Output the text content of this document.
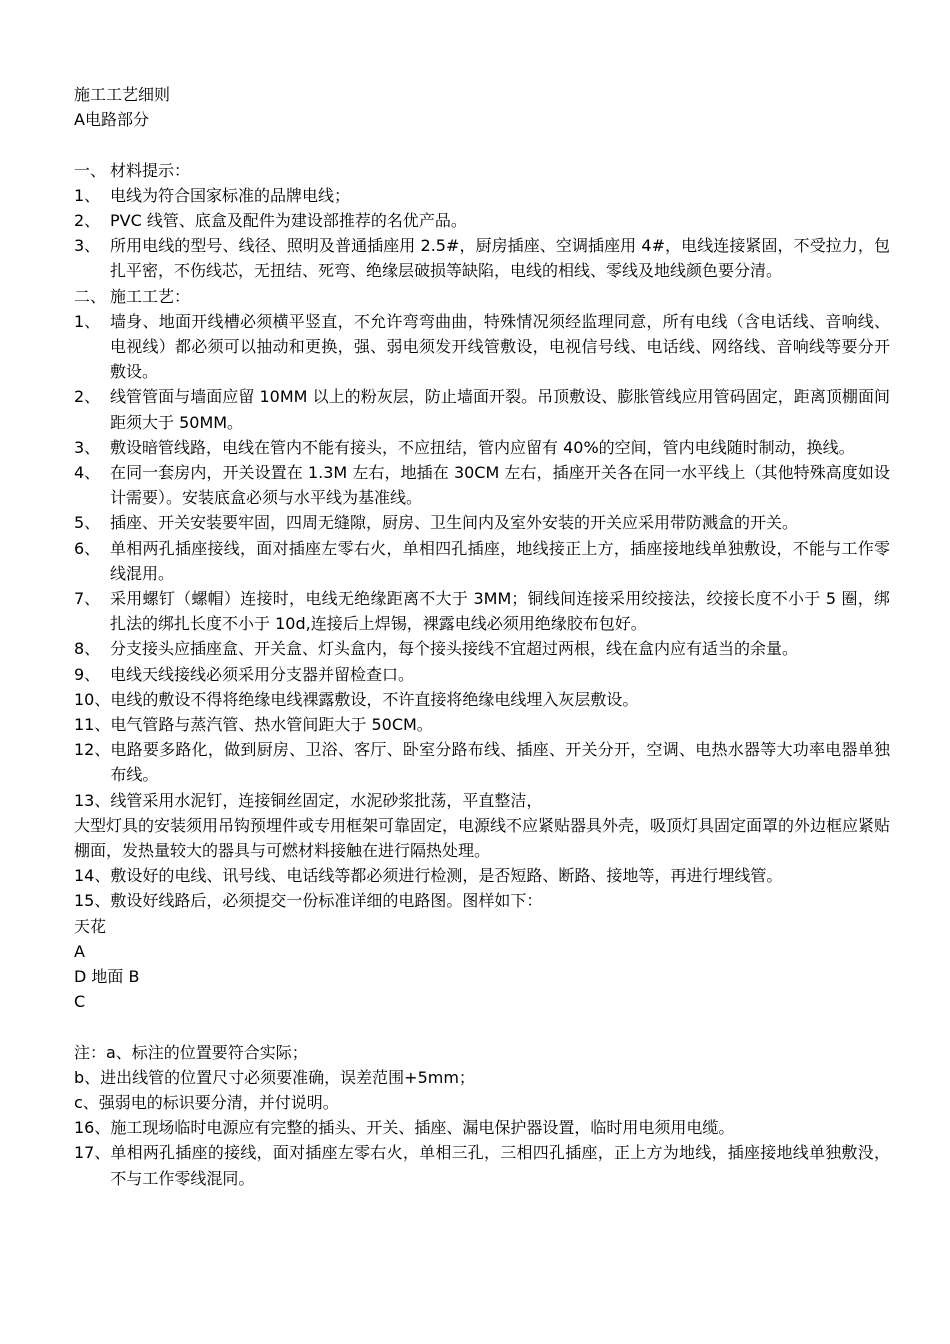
施工工艺细则
A电路部分
一、 材料提示：
1、 电线为符合国家标准的品牌电线；
2、 PVC 线管、底盒及配件为建设部推荐的名优产品。
3、 所用电线的型号、线径、照明及普通插座用 2.5#，厨房插座、空调插座用 4#，电线连接紧固，不受拉力，包扎平密，不伤线芯，无扭结、死弯、绝缘层破损等缺陷，电线的相线、零线及地线颜色要分清。
二、 施工工艺：
1、 墙身、地面开线槽必须横平竖直，不允许弯弯曲曲，特殊情况须经监理同意，所有电线（含电话线、音响线、电视线）都必须可以抽动和更换，强、弱电须发开线管敷设，电视信号线、电话线、网络线、音响线等要分开敷设。
2、 线管管面与墙面应留 10MM 以上的粉灰层，防止墙面开裂。吊顶敷设、膨胀管线应用管码固定，距离顶棚面间距须大于 50MM。
3、 敷设暗管线路，电线在管内不能有接头，不应扭结，管内应留有 40%的空间，管内电线随时制动，换线。
4、 在同一套房内，开关设置在 1.3M 左右，地插在 30CM 左右，插座开关各在同一水平线上（其他特殊高度如设计需要）。安装底盒必须与水平线为基准线。
5、 插座、开关安装要牢固，四周无缝隙，厨房、卫生间内及室外安装的开关应采用带防溅盒的开关。
6、 单相两孔插座接线，面对插座左零右火，单相四孔插座，地线接正上方，插座接地线单独敷设，不能与工作零线混用。
7、 采用螺钉（螺帽）连接时，电线无绝缘距离不大于 3MM；铜线间连接采用绞接法，绞接长度不小于 5 圈，绑扎法的绑扎长度不小于 10d,连接后上焊锡，裸露电线必须用绝缘胶布包好。
8、 分支接头应插座盒、开关盒、灯头盒内，每个接头接线不宜超过两根，线在盒内应有适当的余量。
9、 电线天线接线必须采用分支器并留检查口。
10、 电线的敷设不得将绝缘电线裸露敷设，不许直接将绝缘电线埋入灰层敷设。
11、 电气管路与蒸汽管、热水管间距大于 50CM。
12、 电路要多路化，做到厨房、卫浴、客厅、卧室分路布线、插座、开关分开，空调、电热水器等大功率电器单独布线。
13、 线管采用水泥钉，连接铜丝固定，水泥砂浆批荡，平直整洁，
大型灯具的安装须用吊钩预埋件或专用框架可靠固定，电源线不应紧贴器具外壳，吸顶灯具固定面罩的外边框应紧贴棚面，发热量较大的器具与可燃材料接触在进行隔热处理。
14、 敷设好的电线、讯号线、电话线等都必须进行检测，是否短路、断路、接地等，再进行埋线管。
15、 敷设好线路后，必须提交一份标准详细的电路图。图样如下：
天花
A
D 地面 B
C
注：a、标注的位置要符合实际；
b、进出线管的位置尺寸必须要准确，误差范围+5mm；
c、强弱电的标识要分清，并付说明。
16、 施工现场临时电源应有完整的插头、开关、插座、漏电保护器设置，临时用电须用电缆。
17、 单相两孔插座的接线，面对插座左零右火，单相三孔，三相四孔插座，正上方为地线，插座接地线单独敷没，不与工作零线混同。
